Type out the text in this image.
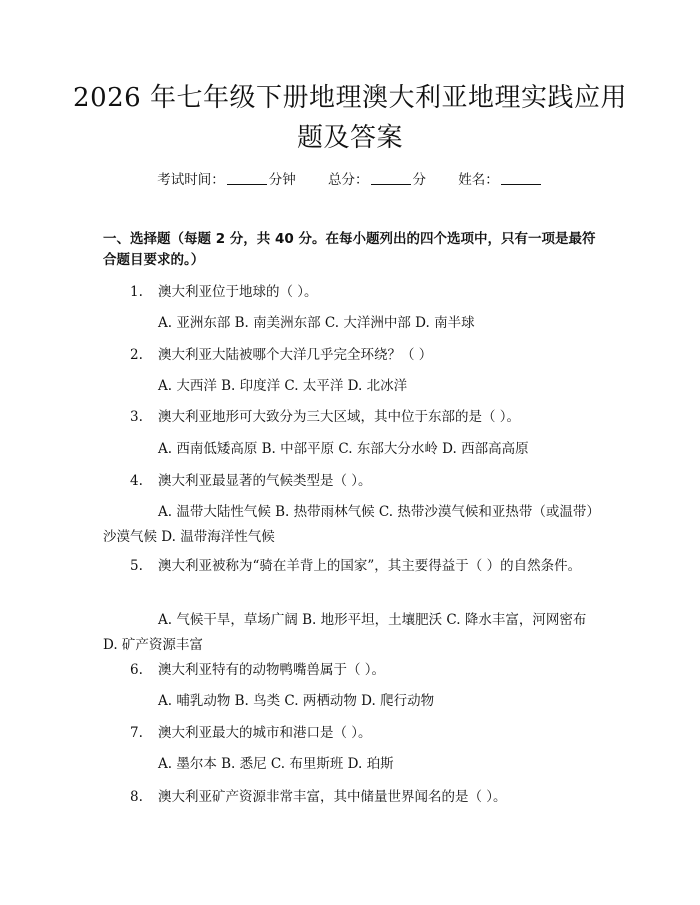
2026 年七年级下册地理澳大利亚地理实践应用题及答案
考试时间：	分钟 总分：	分 姓名：
一、选择题（每题 2 分，共 40 分。在每小题列出的四个选项中，只有一项是最符合题目要求的。）
1. 澳大利亚位于地球的（ ）。
A. 亚洲东部 B. 南美洲东部 C. 大洋洲中部 D. 南半球
2. 澳大利亚大陆被哪个大洋几乎完全环绕？（ ）
A. 大西洋 B. 印度洋 C. 太平洋 D. 北冰洋
3. 澳大利亚地形可大致分为三大区域，其中位于东部的是（ ）。
A. 西南低矮高原 B. 中部平原 C. 东部大分水岭 D. 西部高高原
4. 澳大利亚最显著的气候类型是（ ）。
A. 温带大陆性气候 B. 热带雨林气候 C. 热带沙漠气候和亚热带（或温带）沙漠气候 D. 温带海洋性气候
5. 澳大利亚被称为“骑在羊背上的国家”，其主要得益于（ ）的自然条件。
A. 气候干旱，草场广阔 B. 地形平坦，土壤肥沃 C. 降水丰富，河网密布 D. 矿产资源丰富
6. 澳大利亚特有的动物鸭嘴兽属于（ ）。
A. 哺乳动物 B. 鸟类 C. 两栖动物 D. 爬行动物
7. 澳大利亚最大的城市和港口是（ ）。
A. 墨尔本 B. 悉尼 C. 布里斯班 D. 珀斯
8. 澳大利亚矿产资源非常丰富，其中储量世界闻名的是（ ）。
